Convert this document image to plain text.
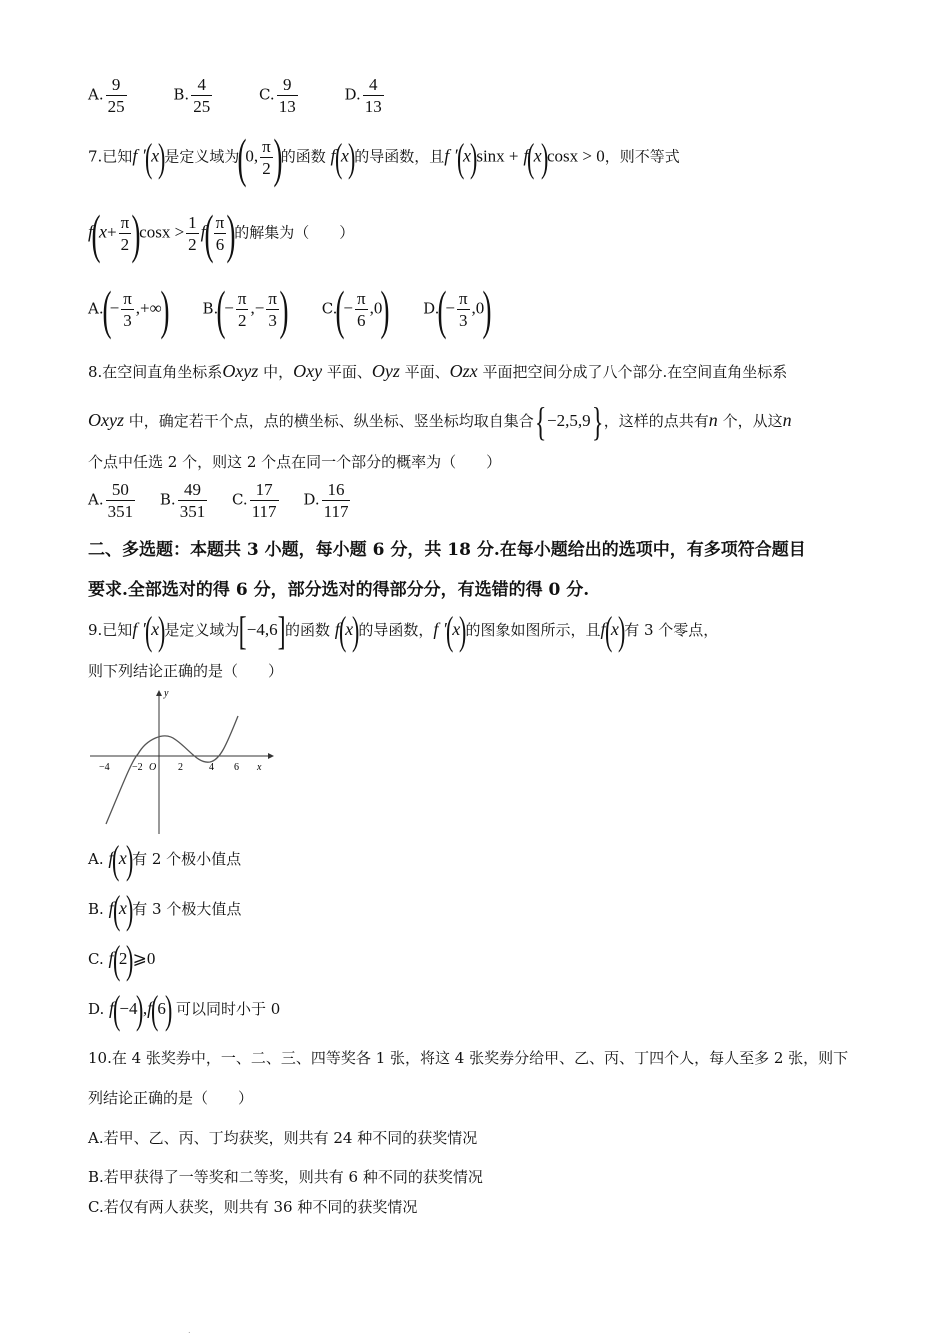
A. $\frac{9}{25}$	B. $\frac{4}{25}$	C. $\frac{9}{13}$	D. $\frac{4}{13}$
7.已知f ′(x)是定义域为(0, $\frac{\pi}{2}$ )的函数 f(x)的导函数，且f ′(x)sinx + f(x)cosx > 0，则不等式
$f(x+ \frac{\pi}{2} )\cos x > \frac{1}{2} f( \frac{\pi}{6}$ )的解集为（　　）
$A.(- \frac{\pi}{3}$ ,+∞) $B.(- \frac{\pi}{2}$ ,− $\frac{\pi}{3}$ ) $C.(- \frac{\pi}{6} ,0)$ $D.(- \frac{\pi}{3} ,0)$
8.在空间直角坐标系Oxyz 中，Oxy 平面、Oyz 平面、Ozx 平面把空间分成了八个部分.在空间直角坐标系
Oxyz 中，确定若干个点，点的横坐标、纵坐标、竖坐标均取自集合{−2,5,9}，这样的点共有n 个，从这n
个点中任选 2 个，则这 2 个点在同一个部分的概率为（　　）
A. $\frac{50}{351} B$. $\frac{49}{351} C$. $\frac{17}{117} D$. $\frac{16}{117}$
二、多选题：本题共 3 小题，每小题 6 分，共 18 分.在每小题给出的选项中，有多项符合题目
要求.全部选对的得 6 分，部分选对的得部分分，有选错的得 0 分.
9.已知f ′(x)是定义域为[−4,6]的函数 f(x)的导函数，f ′(x)的图象如图所示，且f(x)有 3 个零点，
则下列结论正确的是（　　）
y
x
O
−4 −2	2	4 6
A. f(x)有 2 个极小值点
B. f(x)有 3 个极大值点
C. f(2)⩾0
D. f(−4),f(6) 可以同时小于 0
10.在 4 张奖券中，一、二、三、四等奖各 1 张，将这 4 张奖券分给甲、乙、丙、丁四个人，每人至多 2 张，则下
列结论正确的是（　　）
A.若甲、乙、丙、丁均获奖，则共有 24 种不同的获奖情况
B.若甲获得了一等奖和二等奖，则共有 6 种不同的获奖情况
C.若仅有两人获奖，则共有 36 种不同的获奖情况
.
